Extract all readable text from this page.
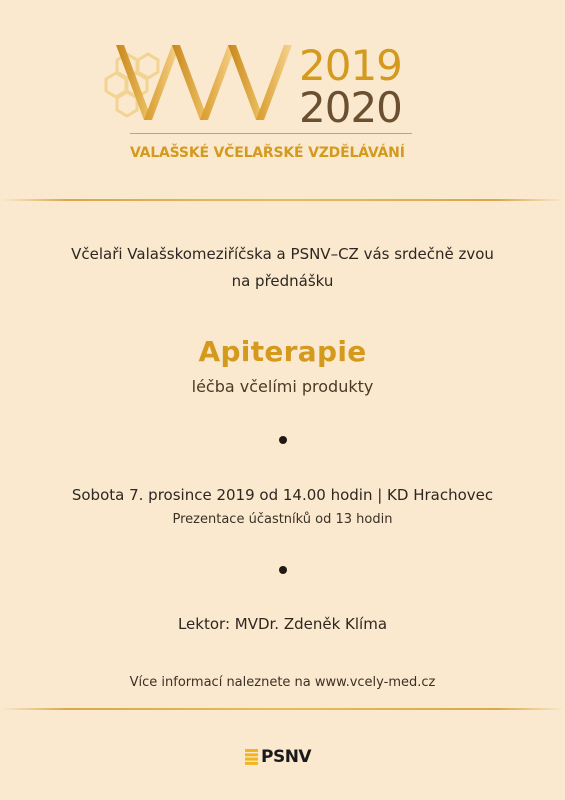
2019
2020
VALAŠSKÉ VČELAŘSKÉ VZDĚLÁVÁNÍ
Včelaři Valašskomeziříčska a PSNV–CZ vás srdečně zvou
na přednášku
Apiterapie
léčba včelími produkty
Sobota 7. prosince 2019 od 14.00 hodin | KD Hrachovec
Prezentace účastníků od 13 hodin
Lektor: MVDr. Zdeněk Klíma
Více informací naleznete na www.vcely-med.cz
PSNV
